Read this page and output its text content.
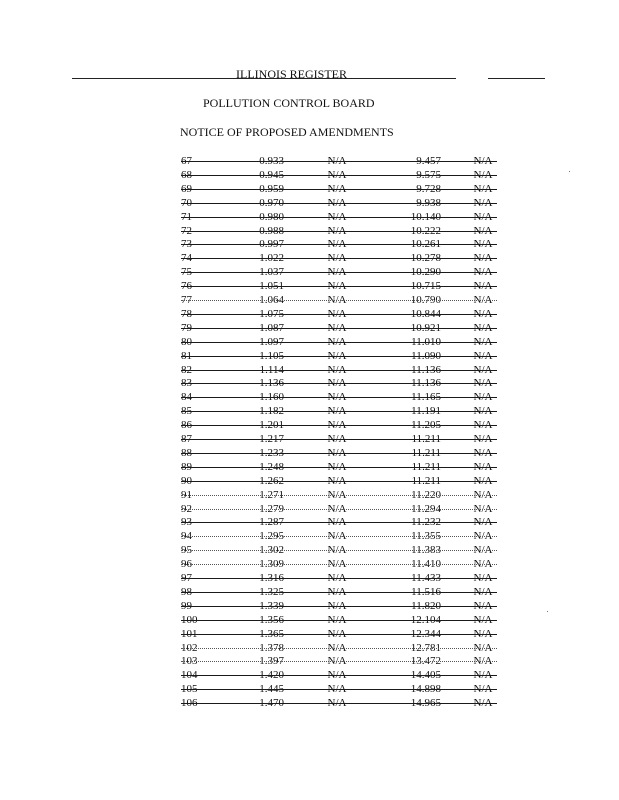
ILLINOIS REGISTER
POLLUTION CONTROL BOARD
NOTICE OF PROPOSED AMENDMENTS
67	0.933	N/A	9.457	N/A
68	0.945	N/A	9.575	N/A
69	0.959	N/A	9.728	N/A
70	0.970	N/A	9.938	N/A
71	0.980	N/A	10.140	N/A
72	0.988	N/A	10.222	N/A
73	0.997	N/A	10.261	N/A
74	1.022	N/A	10.278	N/A
75	1.037	N/A	10.290	N/A
76	1.051	N/A	10.715	N/A
77	1.064	N/A	10.790	N/A
78	1.075	N/A	10.844	N/A
79	1.087	N/A	10.921	N/A
80	1.097	N/A	11.010	N/A
81	1.105	N/A	11.090	N/A
82	1.114	N/A	11.136	N/A
83	1.136	N/A	11.136	N/A
84	1.160	N/A	11.165	N/A
85	1.182	N/A	11.191	N/A
86	1.201	N/A	11.205	N/A
87	1.217	N/A	11.211	N/A
88	1.233	N/A	11.211	N/A
89	1.248	N/A	11.211	N/A
90	1.262	N/A	11.211	N/A
91	1.271	N/A	11.220	N/A
92	1.279	N/A	11.294	N/A
93	1.287	N/A	11.232	N/A
94	1.295	N/A	11.355	N/A
95	1.302	N/A	11.383	N/A
96	1.309	N/A	11.410	N/A
97	1.316	N/A	11.433	N/A
98	1.325	N/A	11.516	N/A
99	1.339	N/A	11.820	N/A
100	1.356	N/A	12.104	N/A
101	1.365	N/A	12.344	N/A
102	1.378	N/A	12.781	N/A
103	1.397	N/A	13.472	N/A
104	1.420	N/A	14.405	N/A
105	1.445	N/A	14.898	N/A
106	1.470	N/A	14.965	N/A
